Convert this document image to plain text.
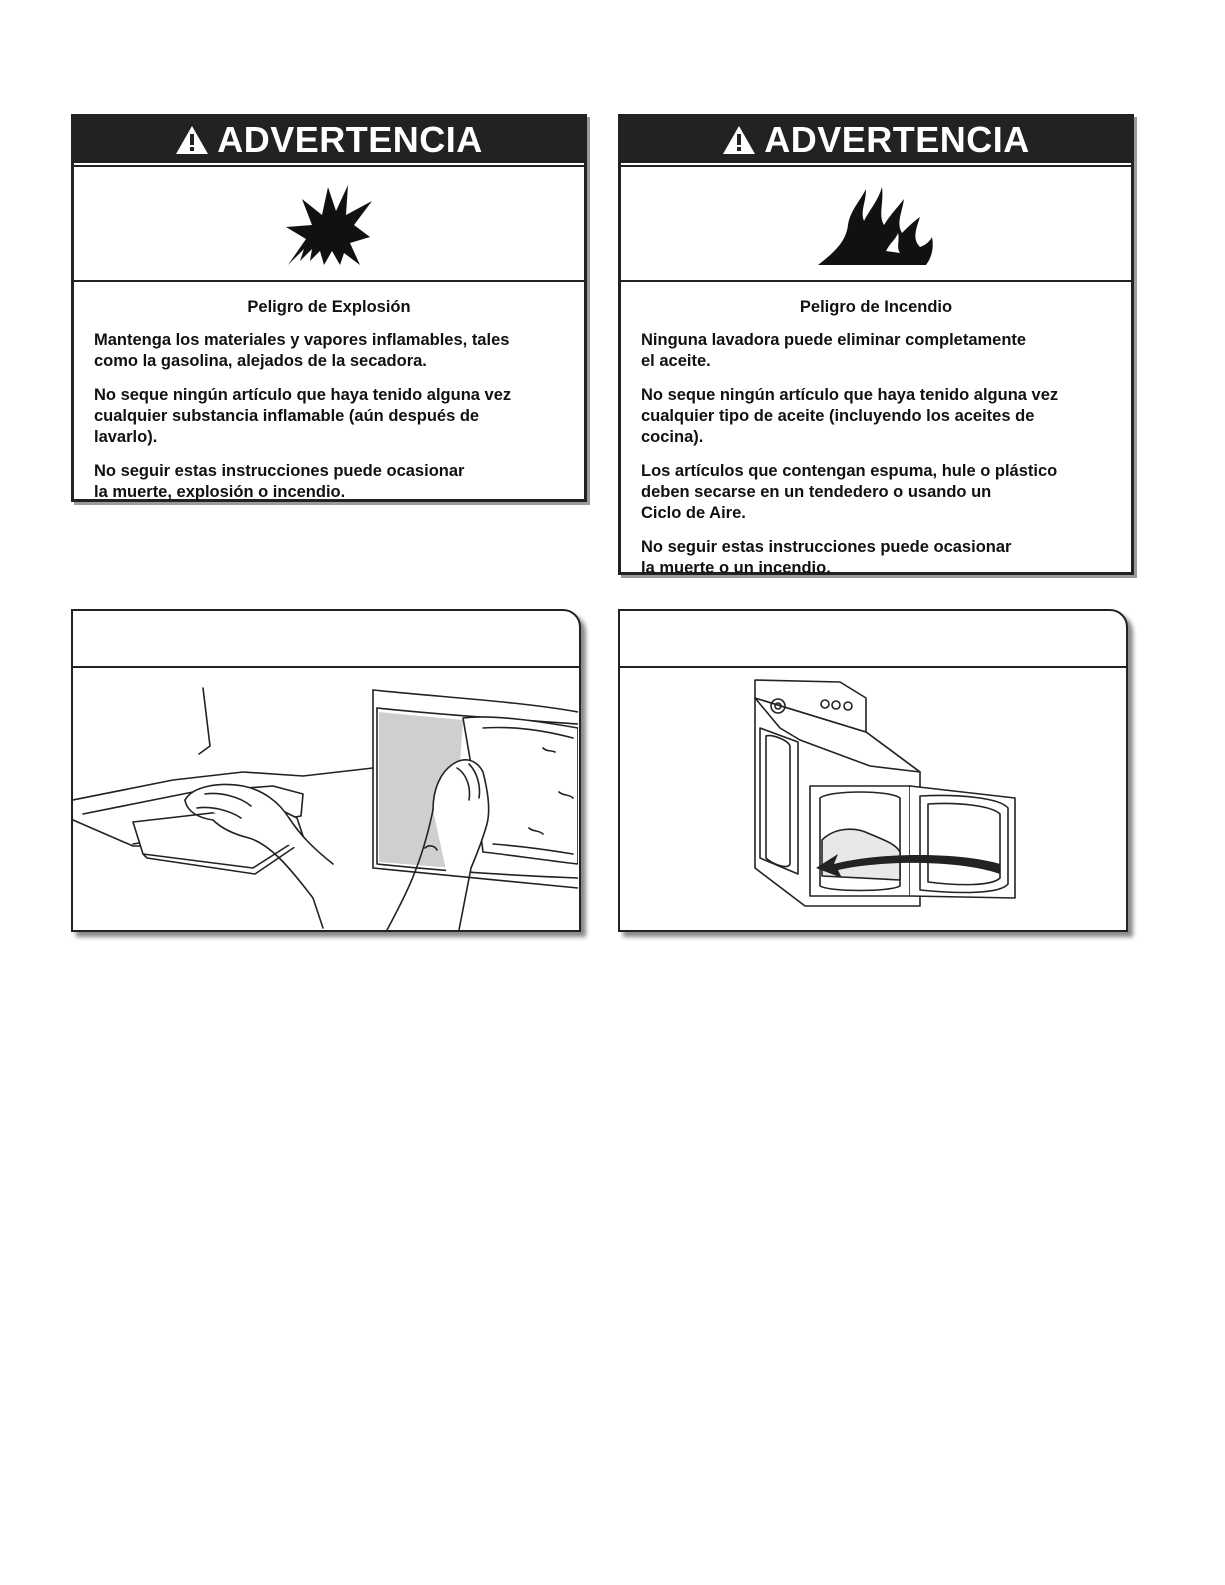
ADVERTENCIA

Peligro de Explosión

Mantenga los materiales y vapores inflamables, tales
como la gasolina, alejados de la secadora.

No seque ningún artículo que haya tenido alguna vez
cualquier substancia inflamable (aún después de
lavarlo).

No seguir estas instrucciones puede ocasionar
la muerte, explosión o incendio.

ADVERTENCIA

Peligro de Incendio

Ninguna lavadora puede eliminar completamente
el aceite.

No seque ningún artículo que haya tenido alguna vez
cualquier tipo de aceite (incluyendo los aceites de
cocina).

Los artículos que contengan espuma, hule o plástico
deben secarse en un tendedero o usando un
Ciclo de Aire.

No seguir estas instrucciones puede ocasionar
la muerte o un incendio.
